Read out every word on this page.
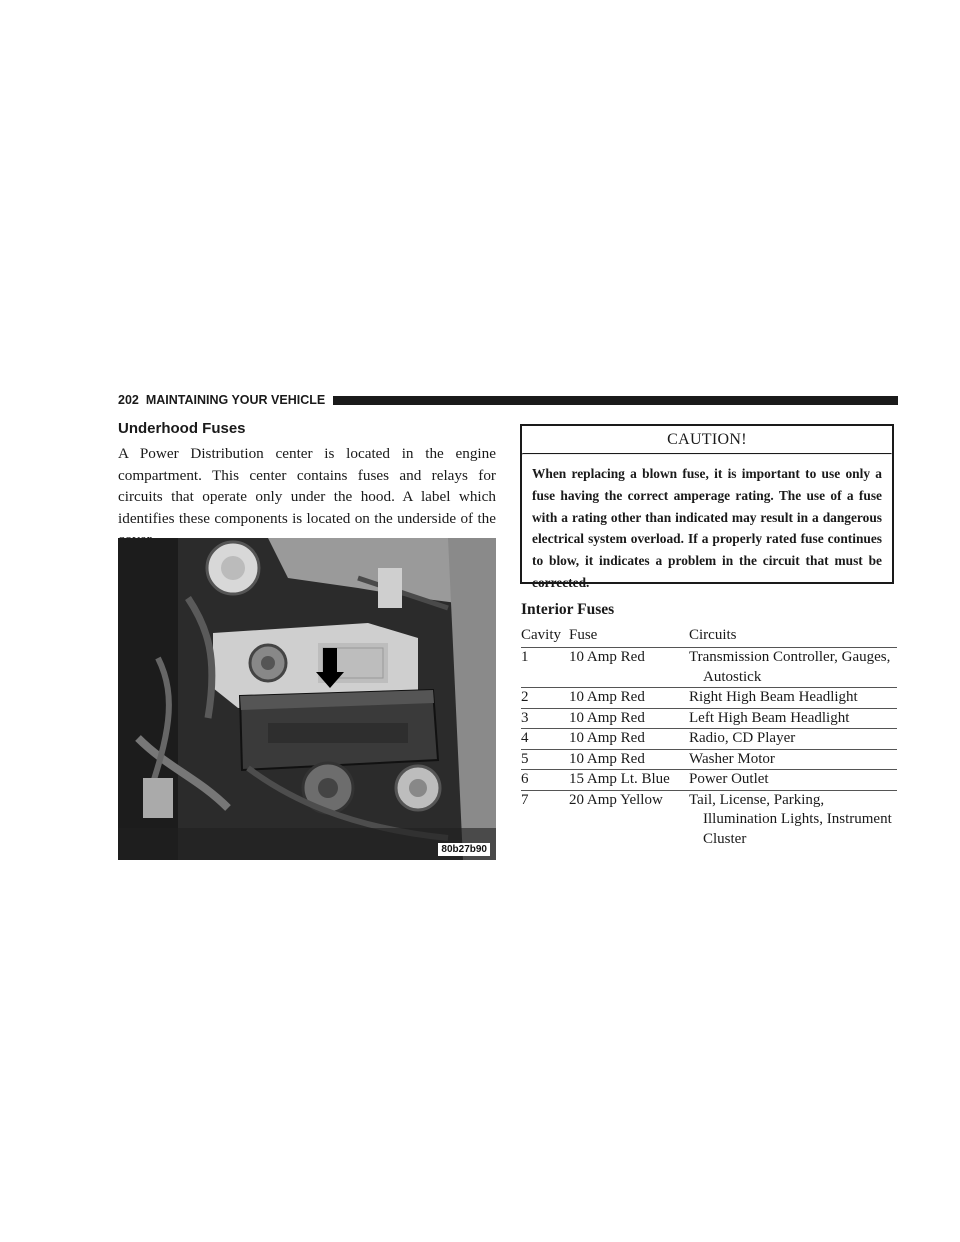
202 MAINTAINING YOUR VEHICLE
Underhood Fuses

A Power Distribution center is located in the engine compartment. This center contains fuses and relays for circuits that operate only under the hood. A label which identifies these components is located on the underside of the

80b27b90
CAUTION!

When replacing a blown fuse, it is important to use only a fuse having the correct amperage rating. The use of a fuse with a rating other than indicated may result in a dangerous electrical system overload. If a properly rated fuse continues to blow, it indicates a problem in the circuit that must be corrected.

Interior Fuses
Cavity	Fuse	Circuits
1	10 Amp Red	Transmission Controller, Gauges, Autostick
2	10 Amp Red	Right High Beam Headlight
3	10 Amp Red	Left High Beam Headlight
4	10 Amp Red	Radio, CD Player
5	10 Amp Red	Washer Motor
6	15 Amp Lt. Blue	Power Outlet
7	20 Amp Yellow	Tail, License, Parking, Illumination Lights, Instrument Cluster
